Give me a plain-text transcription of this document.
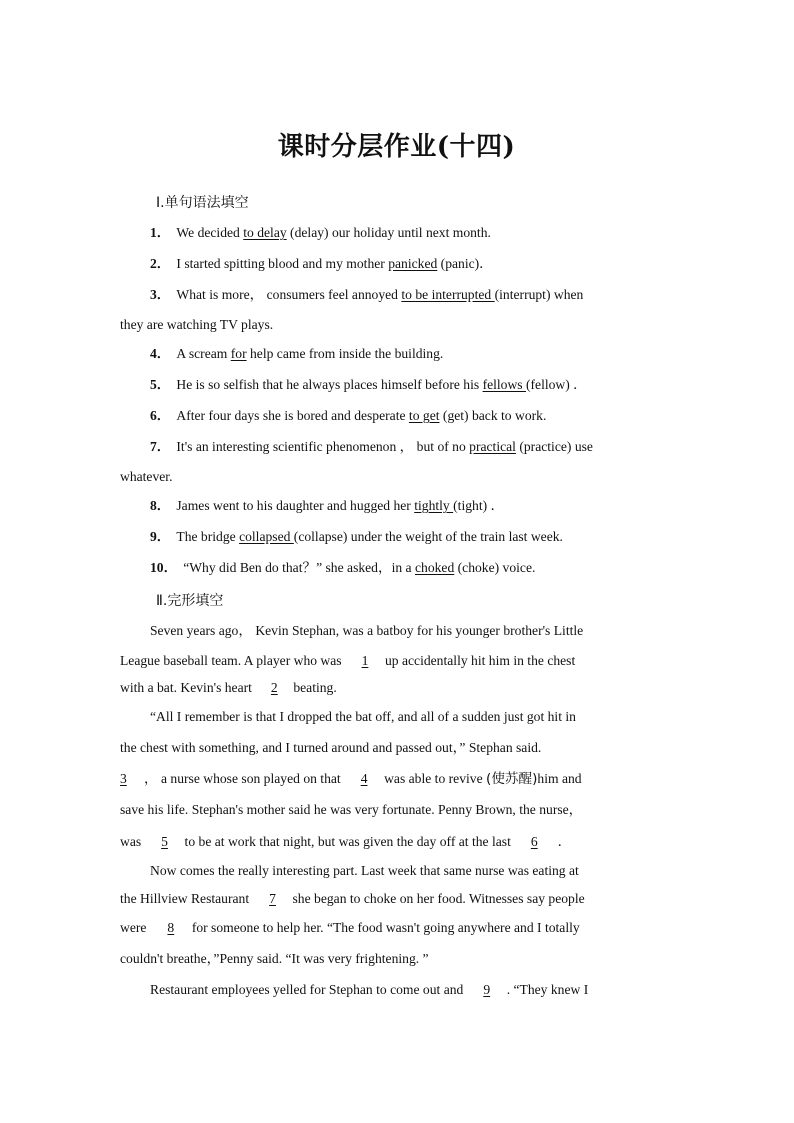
课时分层作业(十四)
Ⅰ.单句语法填空
1． We decided to delay (delay) our holiday until next month.
2． I started spitting blood and my mother panicked (panic)．
3． What is more， consumers feel annoyed to be interrupted (interrupt) when
they are watching TV plays.
4． A scream for help came from inside the building.
5． He is so selfish that he always places himself before his fellows (fellow) ．
6． After four days she is bored and desperate to get (get) back to work.
7． It's an interesting scientific phenomenon ， but of no practical (practice) use
whatever.
8． James went to his daughter and hugged her tightly (tight) ．
9． The bridge collapsed (collapse) under the weight of the train last week.
10． “Why did Ben do that？” she asked，in a choked (choke) voice.
Ⅱ.完形填空
Seven years ago， Kevin Stephan, was a batboy for his younger brother's Little
League baseball team. A player who was 1 up accidentally hit him in the chest
with a bat. Kevin's heart 2 beating.
“All I remember is that I dropped the bat off, and all of a sudden just got hit in
the chest with something, and I turned around and passed out，” Stephan said.
3 ， a nurse whose son played on that 4 was able to revive (使苏醒)him and
save his life. Stephan's mother said he was very fortunate. Penny Brown, the nurse，
was 5 to be at work that night, but was given the day off at the last 6 ．
Now comes the really interesting part. Last week that same nurse was eating at
the Hillview Restaurant 7 she began to choke on her food. Witnesses say people
were 8 for someone to help her. “The food wasn't going anywhere and I totally
couldn't breathe，”Penny said. “It was very frightening. ”
Restaurant employees yelled for Stephan to come out and 9 . “They knew I
